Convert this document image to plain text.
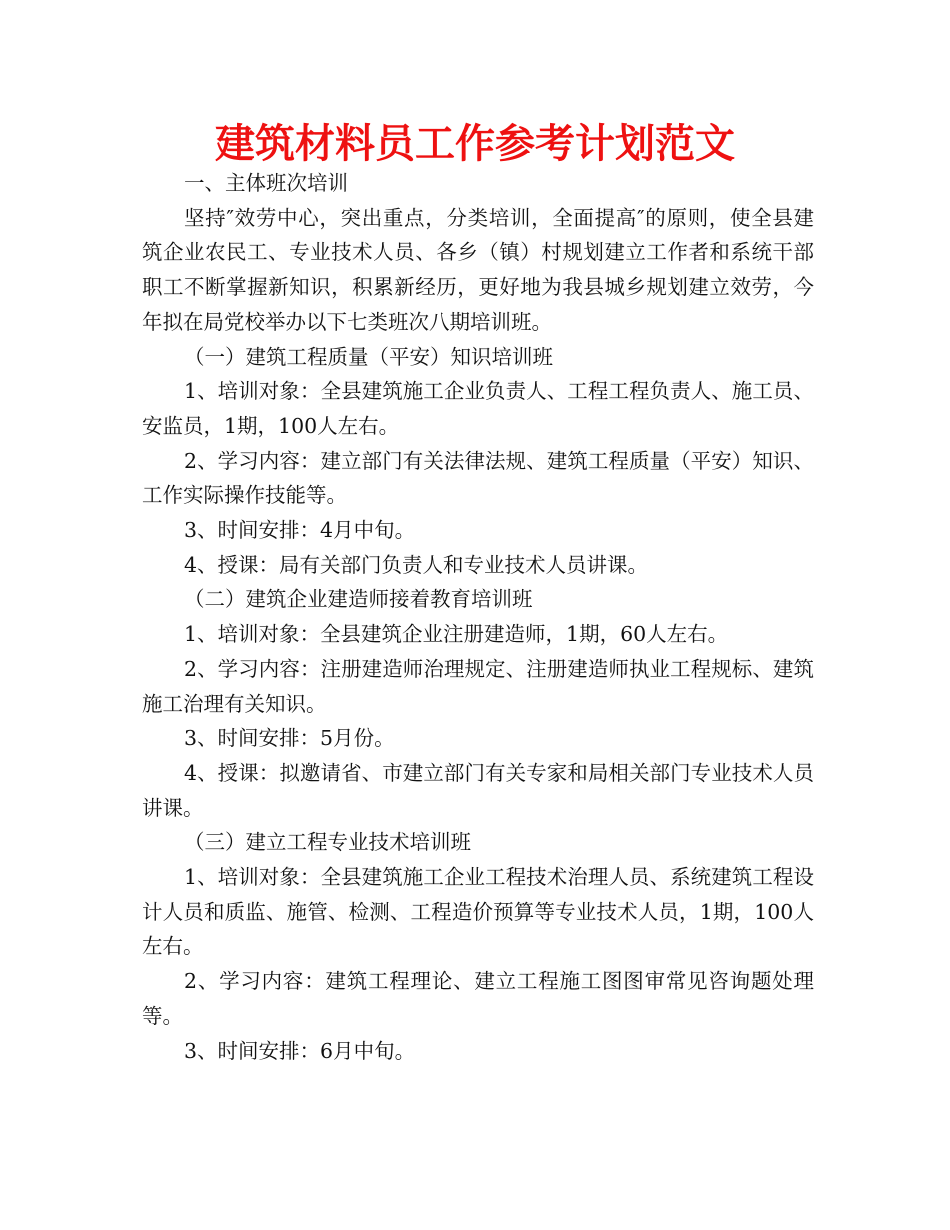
建筑材料员工作参考计划范文

一、主体班次培训

坚持″效劳中心，突出重点，分类培训，全面提高″的原则，使全县建筑企业农民工、专业技术人员、各乡（镇）村规划建立工作者和系统干部职工不断掌握新知识，积累新经历，更好地为我县城乡规划建立效劳，今年拟在局党校举办以下七类班次八期培训班。

（一）建筑工程质量（平安）知识培训班

1、培训对象：全县建筑施工企业负责人、工程工程负责人、施工员、安监员，1期，100人左右。

2、学习内容：建立部门有关法律法规、建筑工程质量（平安）知识、工作实际操作技能等。

3、时间安排：4月中旬。

4、授课：局有关部门负责人和专业技术人员讲课。

（二）建筑企业建造师接着教育培训班

1、培训对象：全县建筑企业注册建造师，1期，60人左右。

2、学习内容：注册建造师治理规定、注册建造师执业工程规标、建筑施工治理有关知识。

3、时间安排：5月份。

4、授课：拟邀请省、市建立部门有关专家和局相关部门专业技术人员讲课。

（三）建立工程专业技术培训班

1、培训对象：全县建筑施工企业工程技术治理人员、系统建筑工程设计人员和质监、施管、检测、工程造价预算等专业技术人员，1期，100人左右。

2、学习内容：建筑工程理论、建立工程施工图图审常见咨询题处理等。

3、时间安排：6月中旬。
